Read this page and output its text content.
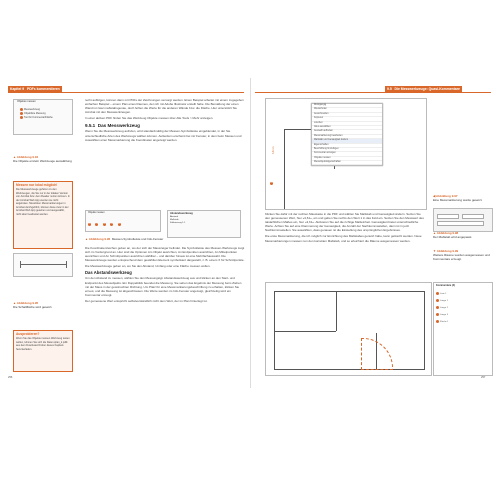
Kapitel 9 PDFs kommentieren
Objekte messen
Messwerkzeug
Objektliste Messung
Tool for Kommentar/Fläche
▲ Abbildung 9.94
Die Objekte einzeln Werkzeuge auswählung
Messen nur lokal möglich!
Die Messwerkzeuge gehören zu den Werkzeugen, die Sie nur in der lokalen Version von Acrobat bzw. dem Reader nutzen können. In der Acrobat Web App werden sie nicht angeboten. Messlinien Messmarkierungen in Acrobat durchgeführt, können diese zwar in der Acrobat Web App gesehen und ausgewählt, nicht aber bearbeitet werden.
▲ Abbildung 9.95
Die Schaltfläche wird gesetzt.
Ausprobieren?
Wenn Sie das Objekte messen Werkzeug testen wollen, können Sie sich die Datei oplan_k.pdfk aus dem Download-Ordner dieses Kapitels herunterladen.

recht auffolgen, können dann mit PDFs der Zeichnungen versorgt werden. Einen Beispiel arbeitet mit einem zugegeben einfachen Beispiel – einem Plan eines Raumes, den ich mit Adobe Illustrator erstellt habe. Die Bemaßung der einen Wand ist zwar maßstabsgenau, doch fehlen die Werte für die anderen Wände bzw. die Fläche. Hier unterstützt Sie Acrobat mit den Messwerkzeugen.

In einer aktiven PDF finden Sie das Werkzeug Objekte messen über Alle Tools > Mehr anzeigen.

9.5.1 Das Messwerkzeug

Wenn Sie die Messwerkzeug aufrufen, wird standardmäßig der Messen-Symbolleiste eingeblendet, in der Sie unterschiedliche Arten des Werkzeugs wählen können. Außerdem erscheint bei mir Fenster, in dem beim Messen und Auswählen einer Messmarkierung die Koordinaten angezeigt werden.

Objekte messen
1	2	3	4	5
Abstandswerkzeug
Abstand
Maßstab
Kalibrierung 1:1
▲ Abbildung 9.96 Messen-Symbolleiste und Info-Fenster

Die Koordinatenzeichen geben an, wo der sich der Mauszeiger befindet. Die Symbolleiste des Messen-Werkzeugs zeigt sich im Vordergrund an. Hier sind die Optionen Am Objekt ausrichten, An Endpunkten ausrichten, An Mittelpunkten ausrichten und An Schnittpunkten ausrichten wählbar – und darüber hinaus ist eine Mehrfachauswahl. Die Messwerkzeuge werden entsprechend dem gewählten Element symbolisiert dargestellt, z. B. einem X für Schnittpunkte.

Die Messwerkzeuge geben an, wo Sie den Abstand, Umfang oder eine Fläche messen wollen.

Das Abstandswerkzeug

Um den Abstand zu messen, wählen Sie den Messungstyp Abstandswerkzeug aus und klicken an den Start- und Endpunkt des Messobjekts. Ein Doppelklick beendet die Messung. Sie sehen das Ergebnis der Messung beim Ziehen mit der Maus in der gewünschten Richtung. Um Platz für eine Messmarkierungsbeschriftung zu erhalten, klicken Sie erneut, und die Messung ist abgeschlossen. Die Werte werden im Info-Fenster angezeigt, gleichzeitig wird ein Kommentar erzeugt.

Der gemessene Wert entspricht selbstverständlich nicht dem Wert, der im Plan hinterlegt ist.

256
9.5 Die Messwerkzeuge: Quasi-Kommentare
3,61 m
1
Rückgängig
Wiederholen
Ausschneiden
Kopieren
Löschen
Alles auswählen
Auswahl aufheben
Messmarkierung bearbeiten
Maßstab und Genauigkeit ändern
Eigenschaften
Beschriftung hinzufügen
Kommentar anzeigen
Objekte messen
Messobjekt-Eigenschaften
◀ Abbildung 9.97
Eine Messmarkierung wurde gesetzt.
▲ Abbildung 9.98
Der Maßstab wird angepasst.
▼ Abbildung 9.99
Weitere Räume wurden ausgemessen und Kommentare erzeugt.

Klicken Sie dafür mit der rechten Maustaste in die PDF und wählen Sie Maßstab und Genauigkeit ändern. Setzen Sie den gemessenen Wert, hier »3,61«, ein und geben Sie rechts den Wert 1 in das Feld ein. Setzen Sie den Messwert des tatsächlichen Maßes ein, hier »3,61«. Aktivieren Sie auf die richtige Maßeinheit. Genauigkeit bietet unterschiedliche Werte. Achten Sie auf eine Klammerung der Genauigkeit, die Anzahl der Nachkommastellen, dann ist in jetzt Nachkommastellen. Sie auswählen, dass genauen ist die Einstellung des ursprünglichen Ergebnisses.

Die erste Messmarkierung, die ich möglich zur Einrichtung des Maßstabes genutzt habe, kann gelöscht werden. Neue Messmarkierungen messen nun den korrekten Maßstab, und so erleichtert die Räume ausgemessen werden.

Kommentare (4)
Linie 1
Länge 1
Länge 2
Länge 3
Fläche 1
257
